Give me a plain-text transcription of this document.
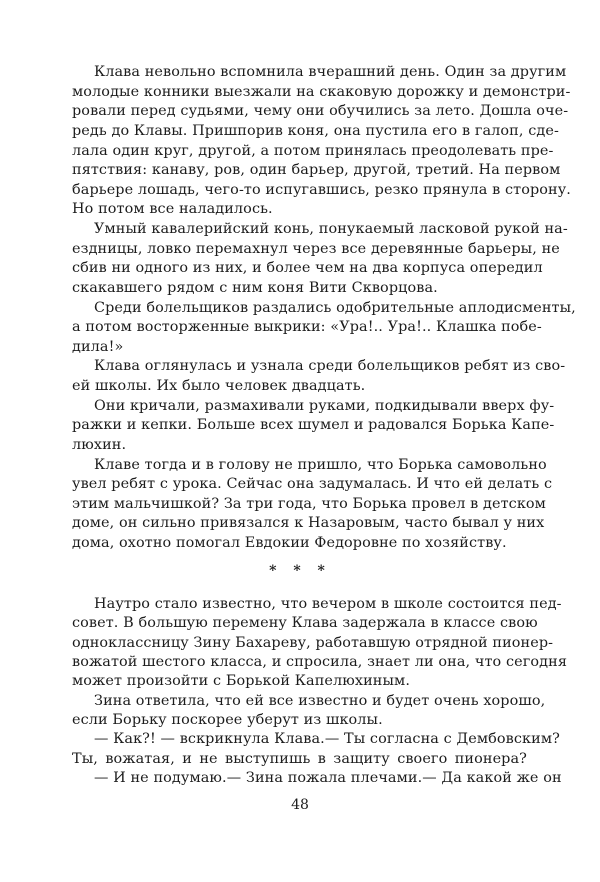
Клава невольно вспомнила вчерашний день. Один за другим
молодые конники выезжали на скаковую дорожку и демонстри-
ровали перед судьями, чему они обучились за лето. Дошла оче-
редь до Клавы. Пришпорив коня, она пустила его в галоп, сде-
лала один круг, другой, а потом принялась преодолевать пре-
пятствия: канаву, ров, один барьер, другой, третий. На первом
барьере лошадь, чего-то испугавшись, резко прянула в сторону.
Но потом все наладилось.
Умный кавалерийский конь, понукаемый ласковой рукой на-
ездницы, ловко перемахнул через все деревянные барьеры, не
сбив ни одного из них, и более чем на два корпуса опередил
скакавшего рядом с ним коня Вити Скворцова.
Среди болельщиков раздались одобрительные аплодисменты,
а потом восторженные выкрики: «Ура!.. Ура!.. Клашка побе-
дила!»
Клава оглянулась и узнала среди болельщиков ребят из сво-
ей школы. Их было человек двадцать.
Они кричали, размахивали руками, подкидывали вверх фу-
ражки и кепки. Больше всех шумел и радовался Борька Капе-
люхин.
Клаве тогда и в голову не пришло, что Борька самовольно
увел ребят с урока. Сейчас она задумалась. И что ей делать с
этим мальчишкой? За три года, что Борька провел в детском
доме, он сильно привязался к Назаровым, часто бывал у них
дома, охотно помогал Евдокии Федоровне по хозяйству.
* * *
Наутро стало известно, что вечером в школе состоится пед-
совет. В большую перемену Клава задержала в классе свою
одноклассницу Зину Бахареву, работавшую отрядной пионер-
вожатой шестого класса, и спросила, знает ли она, что сегодня
может произойти с Борькой Капелюхиным.
Зина ответила, что ей все известно и будет очень хорошо,
если Борьку поскорее уберут из школы.
— Как?! — вскрикнула Клава.— Ты согласна с Дембовским?
Ты, вожатая, и не выступишь в защиту своего пионера?
— И не подумаю.— Зина пожала плечами.— Да какой же он
48
